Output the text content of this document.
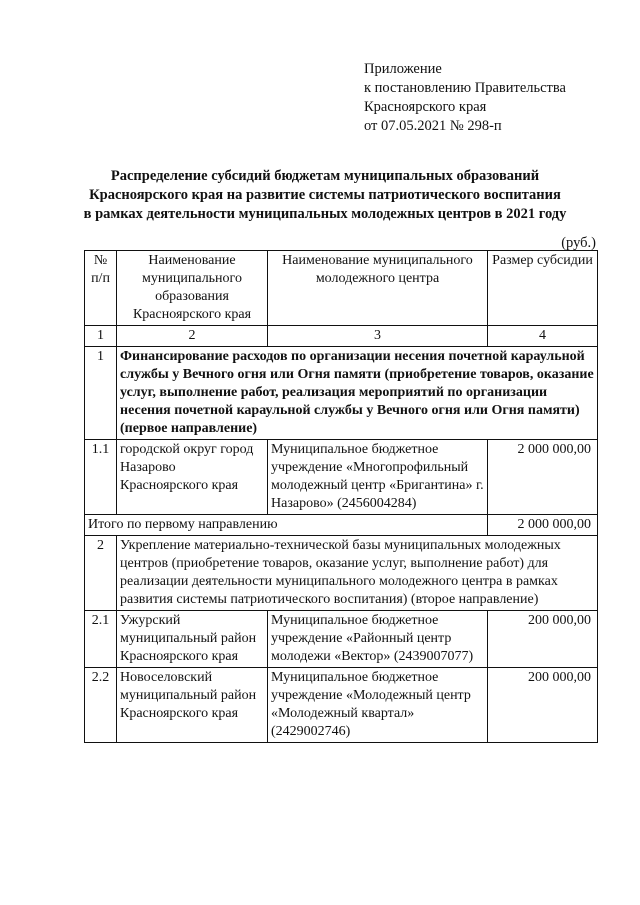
Приложение
к постановлению Правительства
Красноярского края
от 07.05.2021 № 298-п
Распределение субсидий бюджетам муниципальных образований
Красноярского края на развитие системы патриотического воспитания
в рамках деятельности муниципальных молодежных центров в 2021 году
(руб.)
№ п/п	Наименование муниципального образования Красноярского края	Наименование муниципального молодежного центра	Размер субсидии
1	2	3	4
1	Финансирование расходов по организации несения почетной караульной службы у Вечного огня или Огня памяти (приобретение товаров, оказание услуг, выполнение работ, реализация мероприятий по организации несения почетной караульной службы у Вечного огня или Огня памяти) (первое направление)		
1.1	городской округ город Назарово Красноярского края	Муниципальное бюджетное учреждение «Многопрофильный молодежный центр «Бригантина» г. Назарово» (2456004284)	2 000 000,00
Итого по первому направлению			2 000 000,00
2	Укрепление материально-технической базы муниципальных молодежных центров (приобретение товаров, оказание услуг, выполнение работ) для реализации деятельности муниципального молодежного центра в рамках развития системы патриотического воспитания) (второе направление)		
2.1	Ужурский муниципальный район Красноярского края	Муниципальное бюджетное учреждение «Районный центр молодежи «Вектор» (2439007077)	200 000,00
2.2	Новоселовский муниципальный район Красноярского края	Муниципальное бюджетное учреждение «Молодежный центр «Молодежный квартал» (2429002746)	200 000,00
